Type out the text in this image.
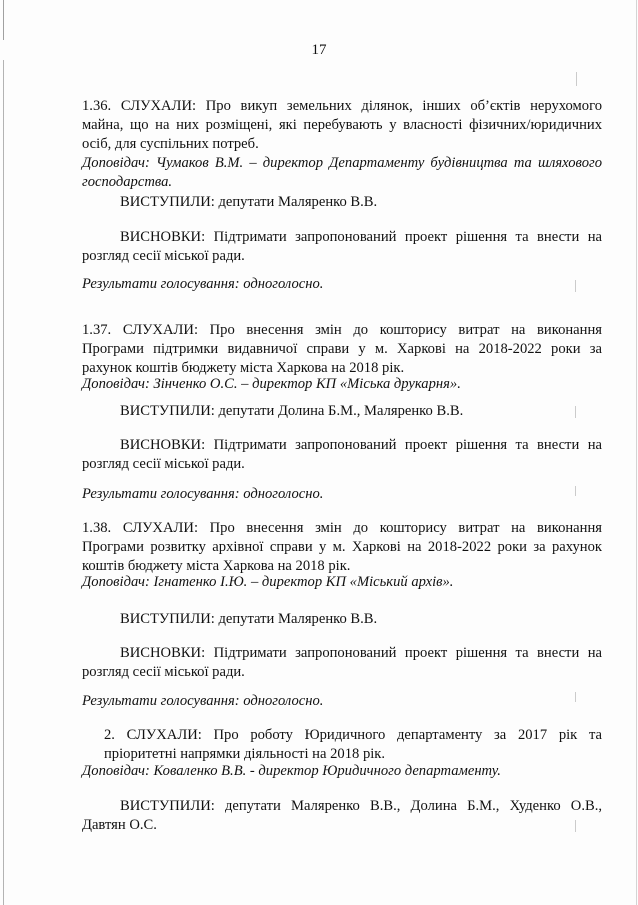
17
1.36. СЛУХАЛИ: Про викуп земельних ділянок, інших об’єктів нерухомого
майна, що на них розміщені, які перебувають у власності фізичних/юридичних
осіб, для суспільних потреб.
Доповідач: Чумаков В.М. – директор Департаменту будівництва та шляхового
господарства.
ВИСТУПИЛИ: депутати Маляренко В.В.
ВИСНОВКИ: Підтримати запропонований проект рішення та внести на
розгляд сесії міської ради.
Результати голосування: одноголосно.
1.37. СЛУХАЛИ: Про внесення змін до кошторису витрат на виконання
Програми підтримки видавничої справи у м. Харкові на 2018-2022 роки за
рахунок коштів бюджету міста Харкова на 2018 рік.
Доповідач: Зінченко О.С. – директор КП «Міська друкарня».
ВИСТУПИЛИ: депутати Долина Б.М., Маляренко В.В.
ВИСНОВКИ: Підтримати запропонований проект рішення та внести на
розгляд сесії міської ради.
Результати голосування: одноголосно.
1.38. СЛУХАЛИ: Про внесення змін до кошторису витрат на виконання
Програми розвитку архівної справи у м. Харкові на 2018-2022 роки за рахунок
коштів бюджету міста Харкова на 2018 рік.
Доповідач: Ігнатенко І.Ю. – директор КП «Міський архів».
ВИСТУПИЛИ: депутати Маляренко В.В.
ВИСНОВКИ: Підтримати запропонований проект рішення та внести на
розгляд сесії міської ради.
Результати голосування: одноголосно.
2. СЛУХАЛИ: Про роботу Юридичного департаменту за 2017 рік та
пріоритетні напрямки діяльності на 2018 рік.
Доповідач: Коваленко В.В. - директор Юридичного департаменту.
ВИСТУПИЛИ: депутати Маляренко В.В., Долина Б.М., Худенко О.В.,
Давтян О.С.
